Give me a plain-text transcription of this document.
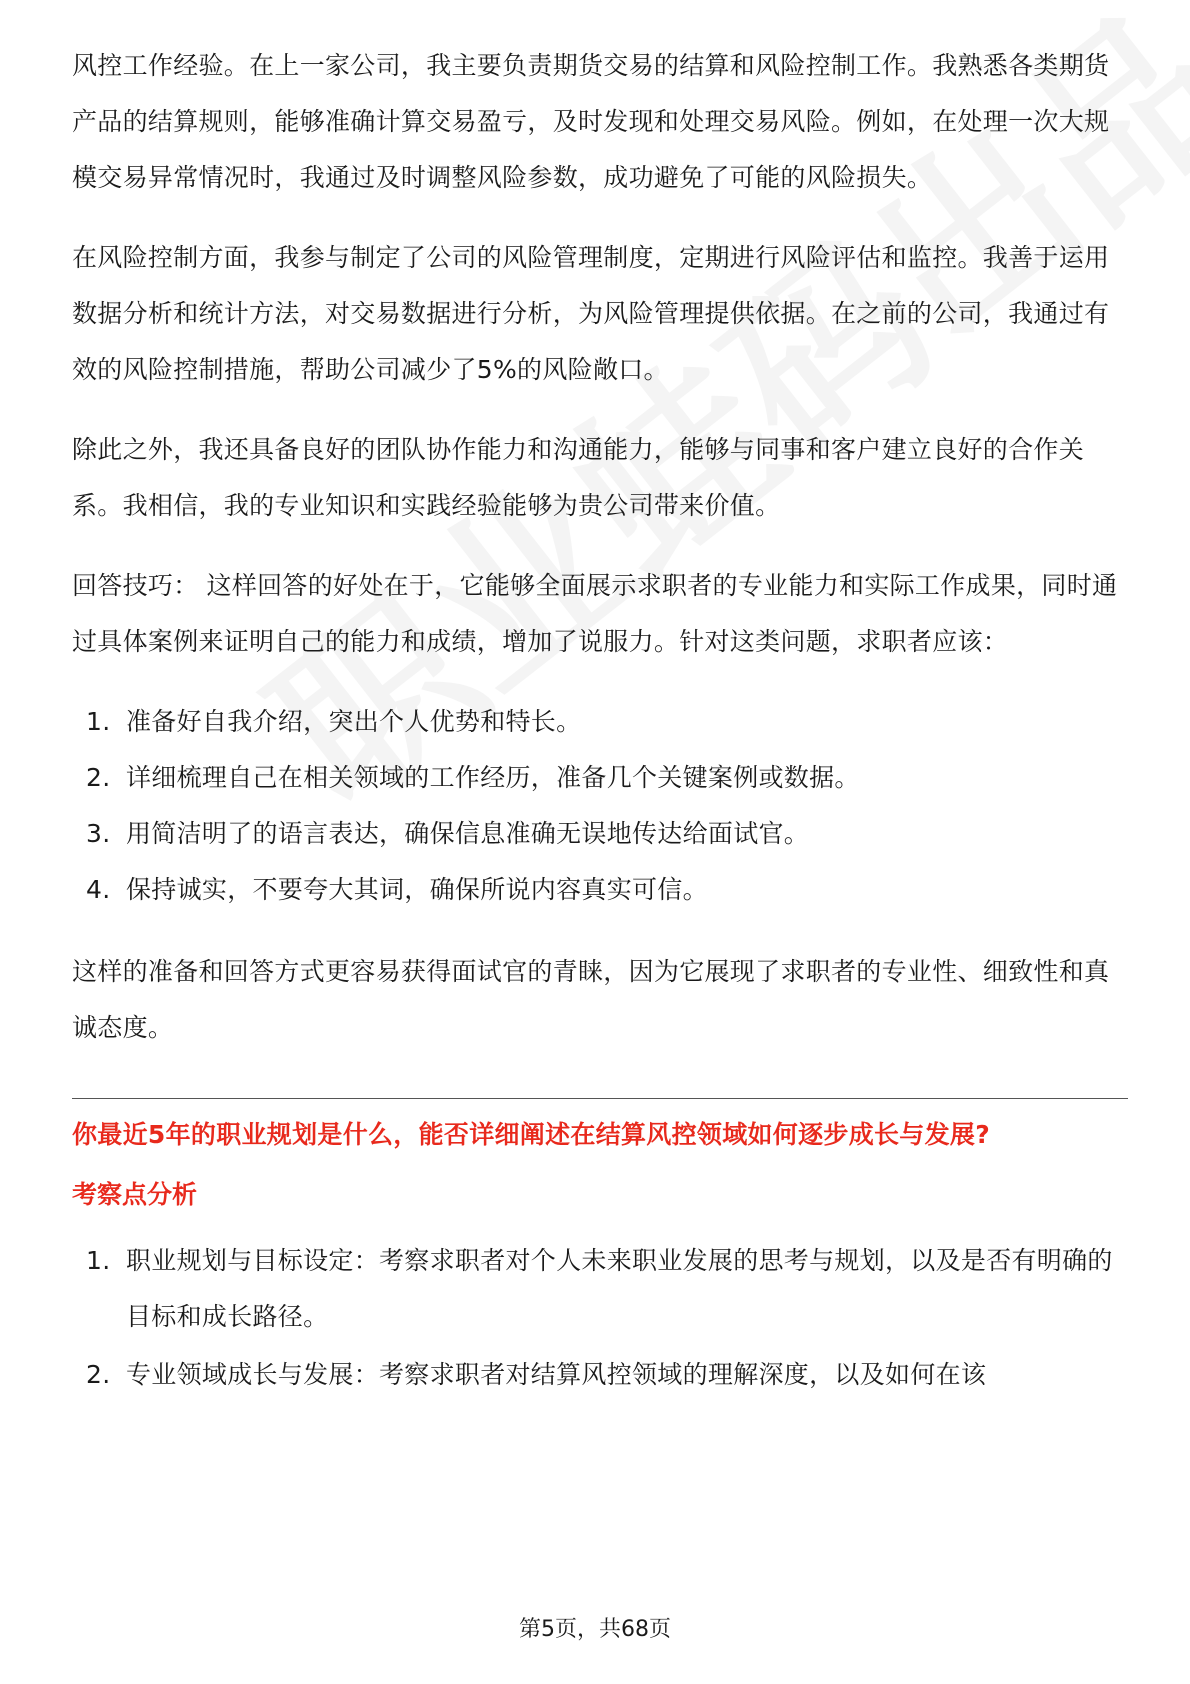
风控工作经验。在上一家公司，我主要负责期货交易的结算和风险控制工作。我熟悉各类期货产品的结算规则，能够准确计算交易盈亏，及时发现和处理交易风险。例如，在处理一次大规模交易异常情况时，我通过及时调整风险参数，成功避免了可能的风险损失。

在风险控制方面，我参与制定了公司的风险管理制度，定期进行风险评估和监控。我善于运用数据分析和统计方法，对交易数据进行分析，为风险管理提供依据。在之前的公司，我通过有效的风险控制措施，帮助公司减少了5%的风险敞口。

除此之外，我还具备良好的团队协作能力和沟通能力，能够与同事和客户建立良好的合作关系。我相信，我的专业知识和实践经验能够为贵公司带来价值。

回答技巧： 这样回答的好处在于，它能够全面展示求职者的专业能力和实际工作成果，同时通过具体案例来证明自己的能力和成绩，增加了说服力。针对这类问题，求职者应该：

1. 准备好自我介绍，突出个人优势和特长。
2. 详细梳理自己在相关领域的工作经历，准备几个关键案例或数据。
3. 用简洁明了的语言表达，确保信息准确无误地传达给面试官。
4. 保持诚实，不要夸大其词，确保所说内容真实可信。

这样的准备和回答方式更容易获得面试官的青睐，因为它展现了求职者的专业性、细致性和真诚态度。

你最近5年的职业规划是什么，能否详细阐述在结算风控领域如何逐步成长与发展?
考察点分析
1. 职业规划与目标设定：考察求职者对个人未来职业发展的思考与规划，以及是否有明确的目标和成长路径。
2. 专业领域成长与发展：考察求职者对结算风控领域的理解深度，以及如何在该
第5页，共68页
